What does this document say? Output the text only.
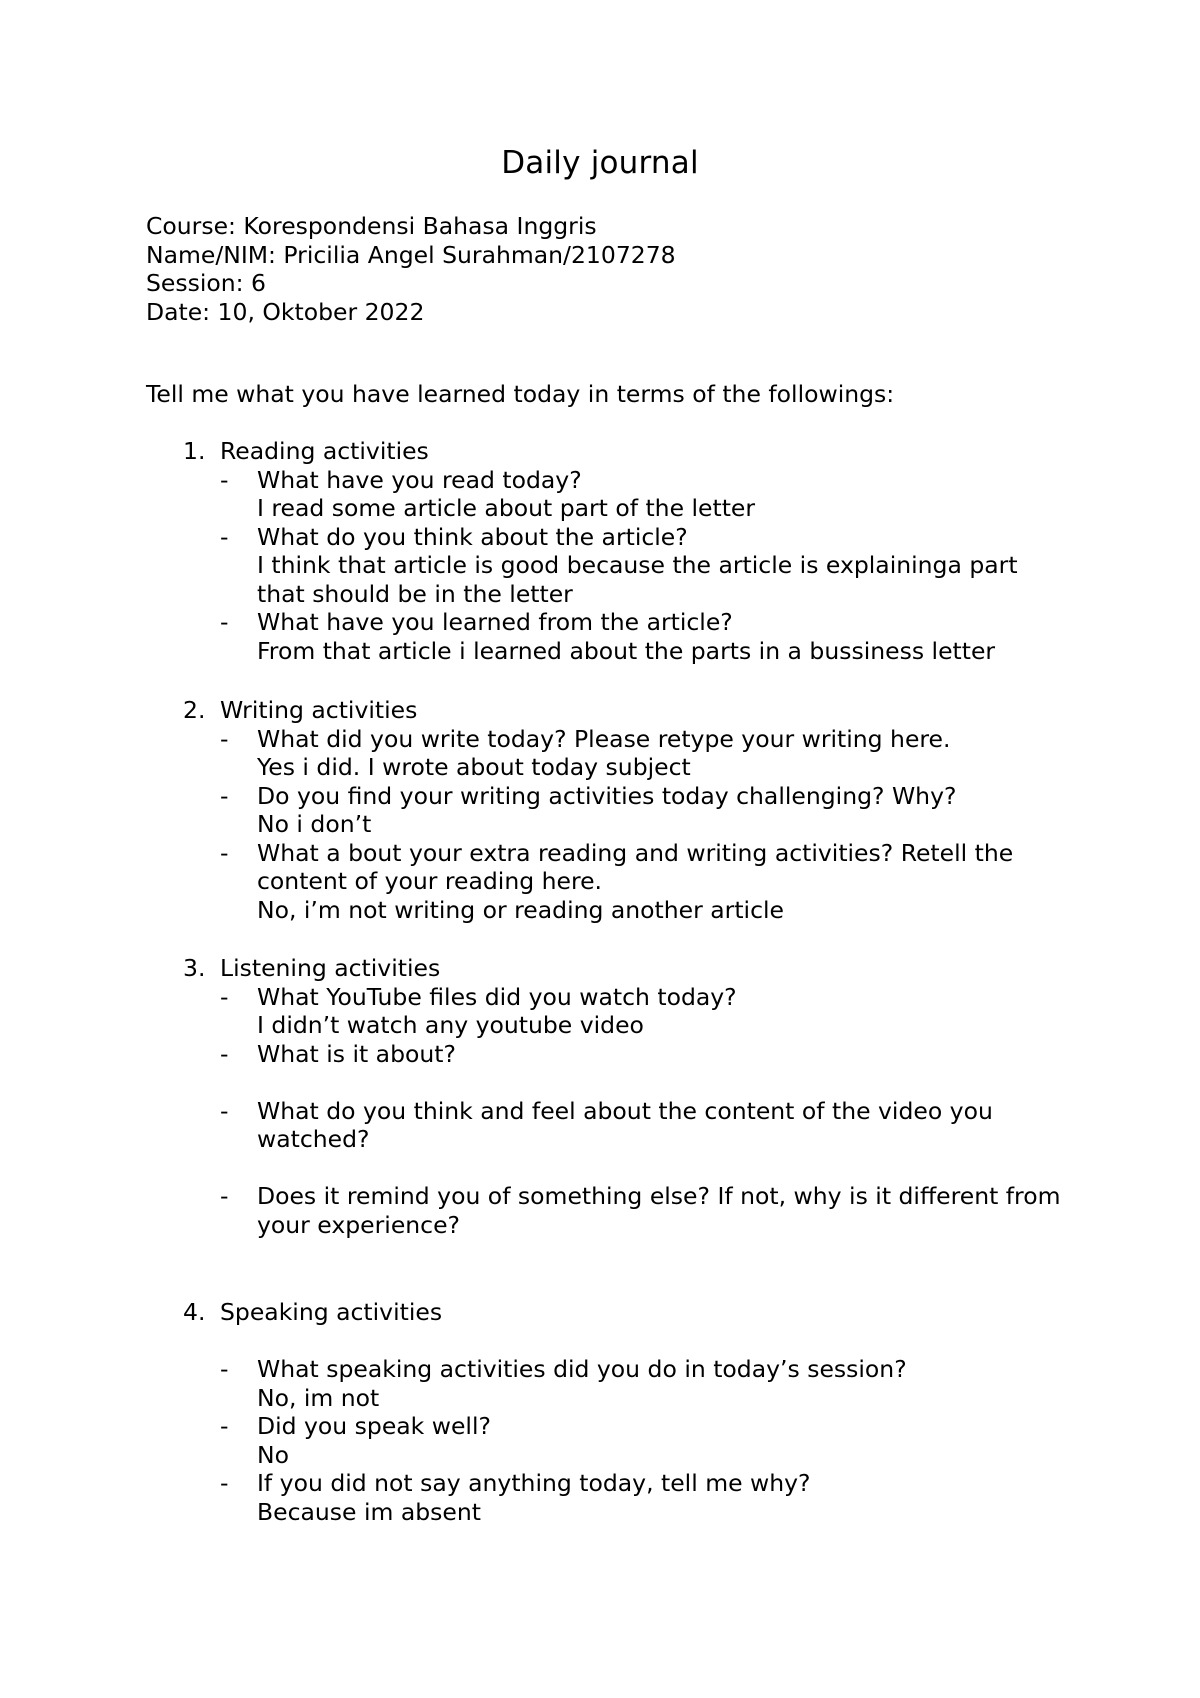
Daily journal
Course: Korespondensi Bahasa Inggris
Name/NIM: Pricilia Angel Surahman/2107278
Session: 6
Date: 10, Oktober 2022
Tell me what you have learned today in terms of the followings:
1. Reading activities
- What have you read today?
I read some article about part of the letter
- What do you think about the article?
I think that article is good because the article is explaininga part that should be in the letter
- What have you learned from the article?
From that article i learned about the parts in a bussiness letter
2. Writing activities
- What did you write today? Please retype your writing here.
Yes i did. I wrote about today subject
- Do you find your writing activities today challenging? Why?
No i don’t
- What a bout your extra reading and writing activities? Retell the content of your reading here.
No, i’m not writing or reading another article
3. Listening activities
- What YouTube files did you watch today?
I didn’t watch any youtube video
- What is it about?
- What do you think and feel about the content of the video you watched?
- Does it remind you of something else? If not, why is it different from your experience?
4. Speaking activities
- What speaking activities did you do in today’s session?
No, im not
- Did you speak well?
No
- If you did not say anything today, tell me why?
Because im absent
